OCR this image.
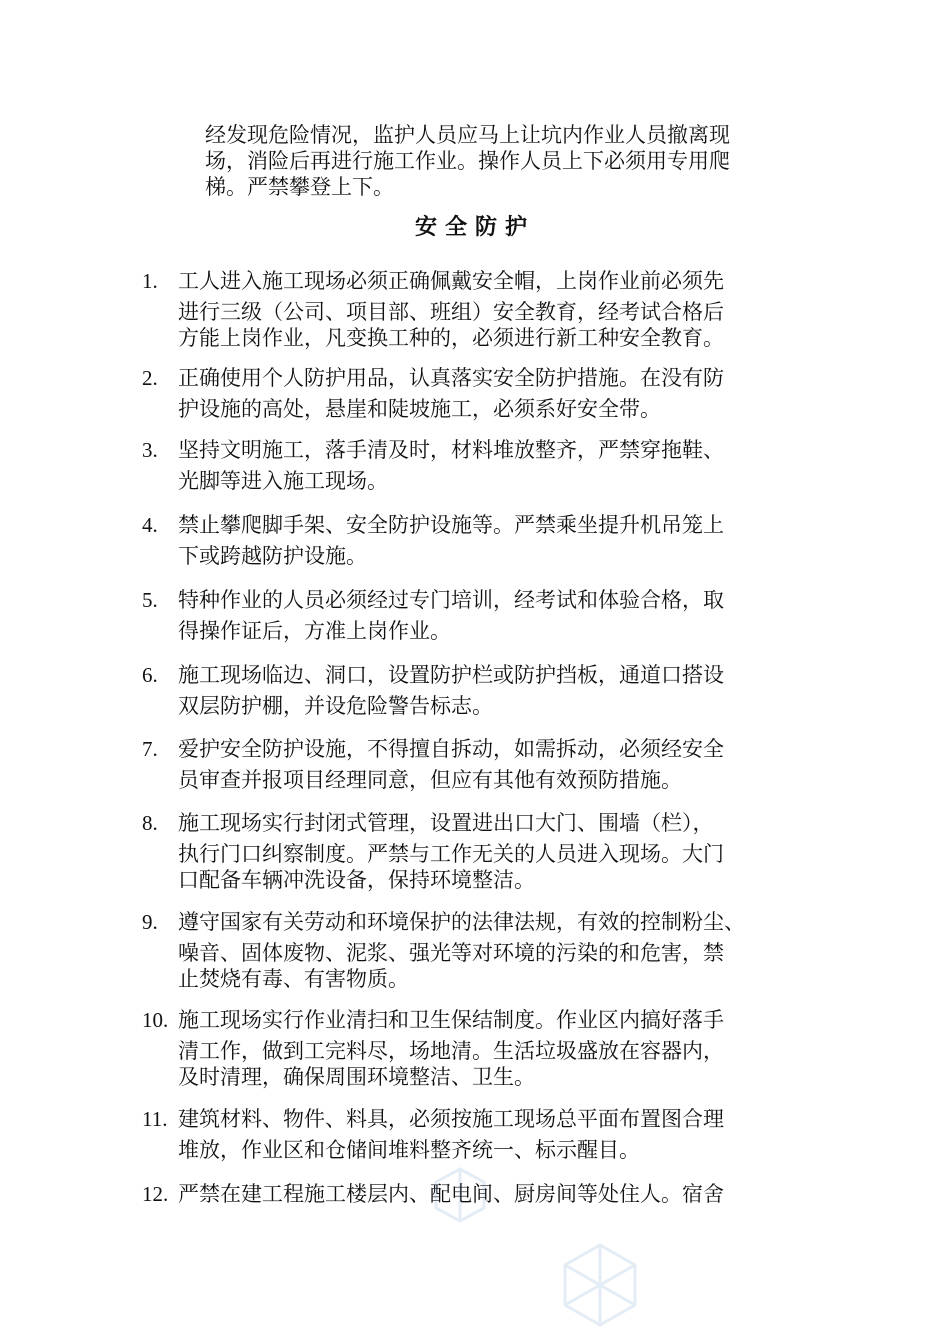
经发现危险情况，监护人员应马上让坑内作业人员撤离现
场，消险后再进行施工作业。操作人员上下必须用专用爬
梯。严禁攀登上下。
安全防护
1. 工人进入施工现场必须正确佩戴安全帽，上岗作业前必须先
进行三级（公司、项目部、班组）安全教育，经考试合格后
方能上岗作业，凡变换工种的，必须进行新工种安全教育。
2. 正确使用个人防护用品，认真落实安全防护措施。在没有防
护设施的高处，悬崖和陡坡施工，必须系好安全带。
3. 坚持文明施工，落手清及时，材料堆放整齐，严禁穿拖鞋、
光脚等进入施工现场。
4. 禁止攀爬脚手架、安全防护设施等。严禁乘坐提升机吊笼上
下或跨越防护设施。
5. 特种作业的人员必须经过专门培训，经考试和体验合格，取
得操作证后，方准上岗作业。
6. 施工现场临边、洞口，设置防护栏或防护挡板，通道口搭设
双层防护棚，并设危险警告标志。
7. 爱护安全防护设施，不得擅自拆动，如需拆动，必须经安全
员审查并报项目经理同意，但应有其他有效预防措施。
8. 施工现场实行封闭式管理，设置进出口大门、围墙（栏），
执行门口纠察制度。严禁与工作无关的人员进入现场。大门
口配备车辆冲洗设备，保持环境整洁。
9. 遵守国家有关劳动和环境保护的法律法规，有效的控制粉尘、
噪音、固体废物、泥浆、强光等对环境的污染的和危害，禁
止焚烧有毒、有害物质。
10. 施工现场实行作业清扫和卫生保结制度。作业区内搞好落手
清工作，做到工完料尽，场地清。生活垃圾盛放在容器内，
及时清理，确保周围环境整洁、卫生。
11. 建筑材料、物件、料具，必须按施工现场总平面布置图合理
堆放，作业区和仓储间堆料整齐统一、标示醒目。
12. 严禁在建工程施工楼层内、配电间、厨房间等处住人。宿舍
